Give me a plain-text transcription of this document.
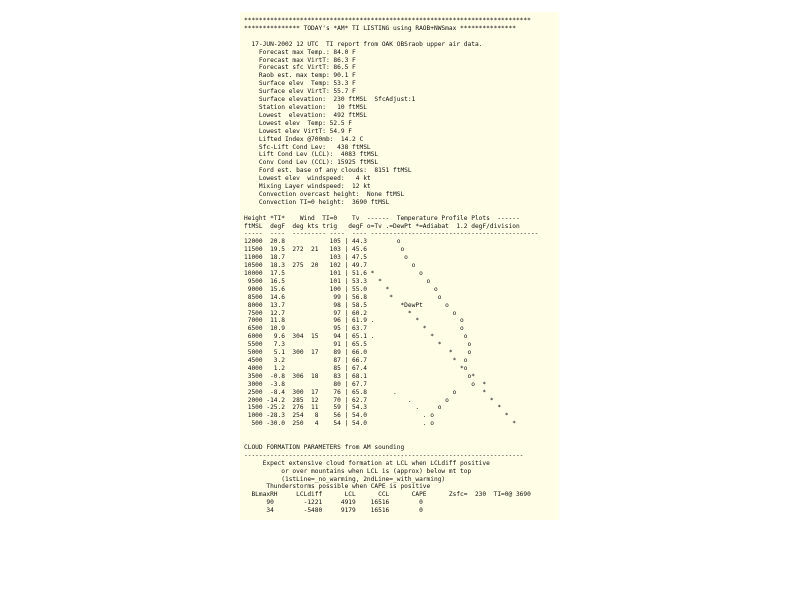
*****************************************************************************
*************** TODAY's *AM* TI LISTING using RAOB+NWSmax ***************

17-JUN-2002 12 UTC  TI report from OAK OBSraob upper air data.
Forecast max Temp.: 84.0 F
Forecast max VirtT: 86.3 F
Forecast sfc VirtT: 86.5 F
Raob est. max temp: 90.1 F
Surface elev  Temp: 53.3 F
Surface elev VirtT: 55.7 F
Surface elevation:  230 ftMSL  SfcAdjust:1
Station elevation:   10 ftMSL
Lowest  elevation:  492 ftMSL
Lowest elev  Temp: 52.5 F
Lowest elev VirtT: 54.9 F
Lifted Index @700mb:  14.2 C
Sfc-Lift Cond Lev:   438 ftMSL
Lift Cond Lev (LCL):  4083 ftMSL
Conv Cond Lev (CCL): 15925 ftMSL
Ford est. base of any clouds:  8151 ftMSL
Lowest elev  windspeed:   4 kt
Mixing Layer windspeed:  12 kt
Convection overcast height:  None ftMSL
Convection TI=0 height:  3690 ftMSL

Height *TI*    Wind  TI=0    Tv  ------  Temperature Profile Plots  ------
ftMSL  degF  deg kts trig   degF o=Tv .=DewPt *=Adiabat  1.2 degF/division
-----  ----  --------- ----  ---- ---------------------------------------------
12000  20.8            105 | 44.3        o
11500  19.5  272  21   103 | 45.6         o
11000  18.7            103 | 47.5          o
10500  18.3  275  20   102 | 49.7            o
10000  17.5            101 | 51.6 *            o
9500  16.5            101 | 53.3   *            o
9000  15.6            100 | 55.0     *            o
8500  14.6             99 | 56.8      *            o
8000  13.7             98 | 58.5         *DewPt      o
7500  12.7             97 | 60.2           *           o
7000  11.8             96 | 61.9 .           *           o
6500  10.9             95 | 63.7               *         o
6000   9.6  304  15    94 | 65.1 .               *        o
5500   7.3             91 | 65.5                   *       o
5000   5.1  300  17    89 | 66.0                      *    o
4500   3.2             87 | 66.7                       *  o
4000   1.2             85 | 67.4                         *o
3500  -0.8  306  18    83 | 68.1                           o*
3000  -3.8             80 | 67.7                            o  *
2500  -8.4  300  17    76 | 65.8       .               o       *
2000 -14.2  285  12    70 | 62.7           .         o           *
1500 -25.2  276  11    59 | 54.3             .     o               *
1000 -28.3  254   8    56 | 54.0               . o                   *
500 -30.0  250   4    54 | 54.0               . o                     *

CLOUD FORMATION PARAMETERS from AM sounding
---------------------------------------------------------------------------
Expect extensive cloud formation at LCL when LCLdiff positive
or over mountains when LCL is (approx) below mt top
(1stLine=_no_warming, 2ndLine=_with_warming)
Thunderstorms possible when CAPE is positive
BLmaxRH     LCLdiff      LCL      CCL      CAPE      Zsfc=  230  TI=0@ 3690
90        -1221     4919    16516        0
34        -5480     9179    16516        0
